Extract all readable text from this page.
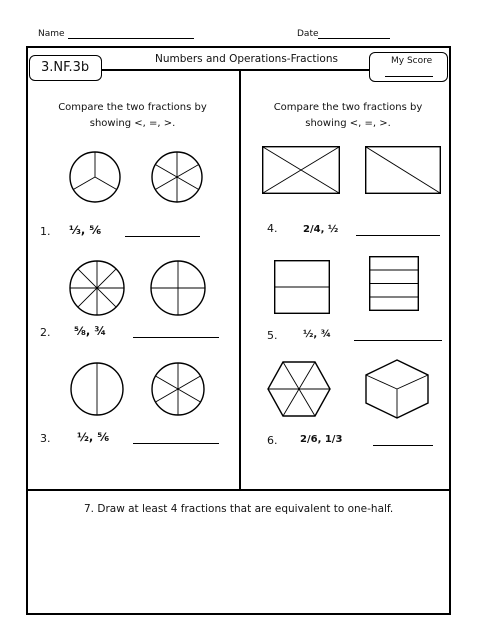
Name	Date
3.NF.3b
Numbers and Operations-Fractions	My Score
Compare the two fractions by
showing <, =, >.
Compare the two fractions by
showing <, =, >.
1. ⅓, ⅚
2. ⅝, ¾
3. ½, ⅚
4.	2/4, ½
5.	½, ¾
6. 2/6, 1/3
7. Draw at least 4 fractions that are equivalent to one-half.
